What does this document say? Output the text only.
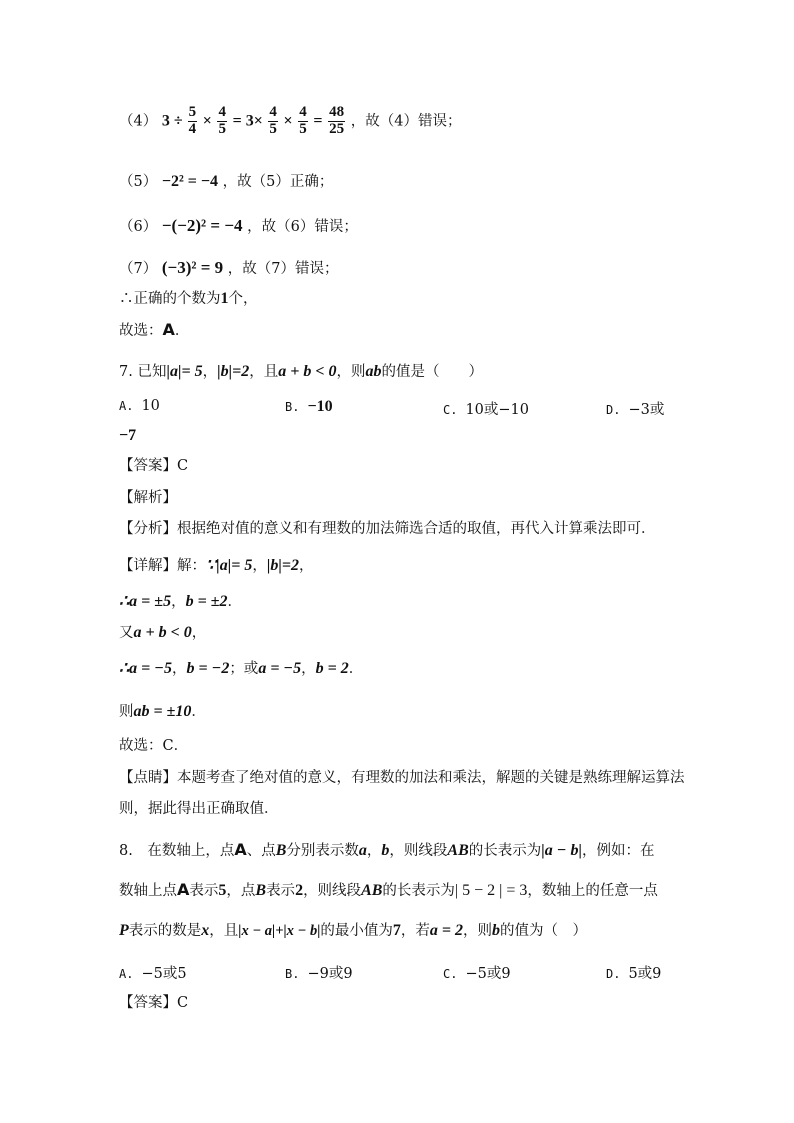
（4） $3 \div \frac{5}{4} \times \frac{4}{5} = 3\times \frac{4}{5} \times \frac{4}{5} = \frac{48}{25}$ ，故（4）错误；
（5） −2² = −4 ，故（5）正确；
（6） −(−2)² = −4 ，故（6）错误；
（7） (−3)² = 9 ，故（7）错误；
∴正确的个数为1个，
故选：A．
7. 已知|a|= 5，|b|=2，且a + b < 0，则ab的值是（　　）
A. 10	B. −10	C. 10或−10	D. −3或
−7
【答案】C
【解析】
【分析】根据绝对值的意义和有理数的加法筛选合适的取值，再代入计算乘法即可．
【详解】解：∵|a|= 5，|b|=2，
∴a = ±5，b = ±2．
又a + b < 0，
∴a = −5，b = −2；或a = −5，b = 2．
则ab = ±10．
故选：C．
【点睛】本题考查了绝对值的意义，有理数的加法和乘法，解题的关键是熟练理解运算法
则，据此得出正确取值．
8.　在数轴上，点A、点B分别表示数a，b，则线段AB的长表示为|a − b|，例如：在
数轴上点A表示5，点B表示2，则线段AB的长表示为| 5 − 2 | = 3，数轴上的任意一点
P表示的数是x，且|x − a|+|x − b|的最小值为7，若a = 2，则b的值为（　）
A. −5或5	B. −9或9	C. −5或9	D. 5或9
【答案】C
